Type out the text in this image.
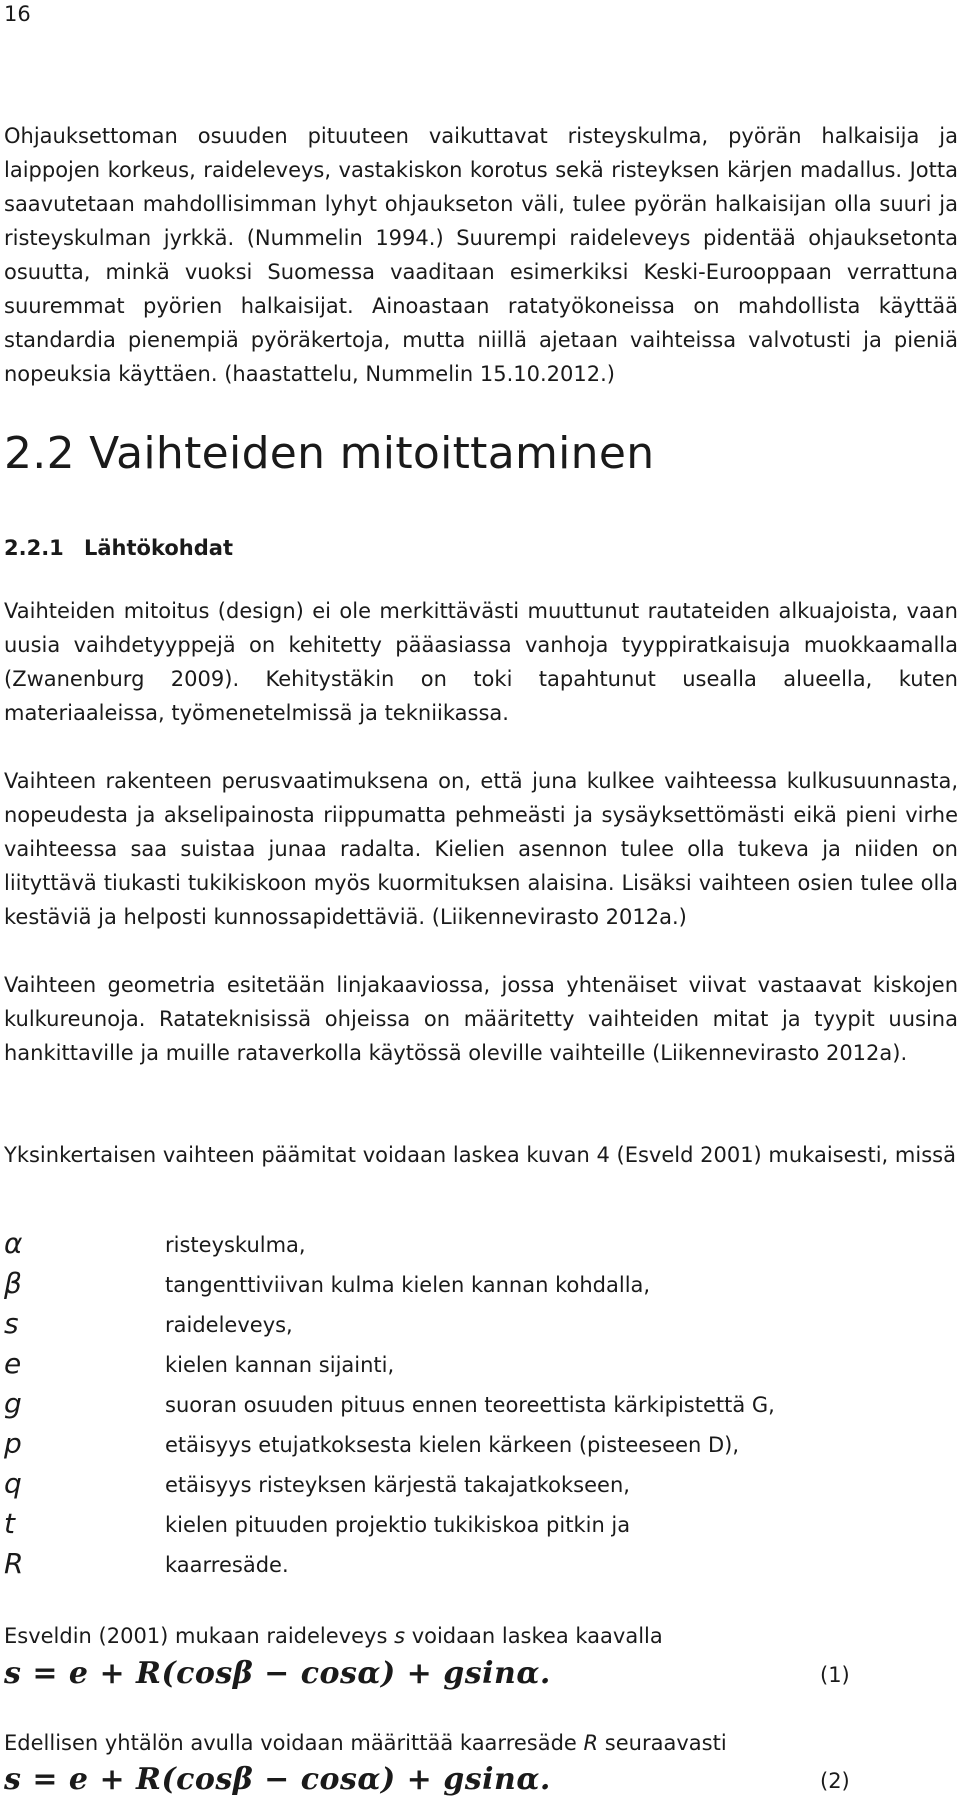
16

Ohjauksettoman osuuden pituuteen vaikuttavat risteyskulma, pyörän halkaisija ja laippojen korkeus, raideleveys, vastakiskon korotus sekä risteyksen kärjen madallus. Jotta saavutetaan mahdollisimman lyhyt ohjaukseton väli, tulee pyörän halkaisijan olla suuri ja risteyskulman jyrkkä. (Nummelin 1994.) Suurempi raideleveys pidentää ohjauksetonta osuutta, minkä vuoksi Suomessa vaaditaan esimerkiksi Keski-Eurooppaan verrattuna suuremmat pyörien halkaisijat. Ainoastaan ratatyökoneissa on mahdollista käyttää standardia pienempiä pyöräkertoja, mutta niillä ajetaan vaihteissa valvotusti ja pieniä nopeuksia käyttäen. (haastattelu, Nummelin 15.10.2012.)

2.2 Vaihteiden mitoittaminen
2.2.1 Lähtökohdat

Vaihteiden mitoitus (design) ei ole merkittävästi muuttunut rautateiden alkuajoista, vaan uusia vaihdetyyppejä on kehitetty pääasiassa vanhoja tyyppiratkaisuja muokkaamalla (Zwanenburg 2009). Kehitystäkin on toki tapahtunut usealla alueella, kuten materiaaleissa, työmenetelmissä ja tekniikassa.

Vaihteen rakenteen perusvaatimuksena on, että juna kulkee vaihteessa kulkusuunnasta, nopeudesta ja akselipainosta riippumatta pehmeästi ja sysäyksettömästi eikä pieni virhe vaihteessa saa suistaa junaa radalta. Kielien asennon tulee olla tukeva ja niiden on liityttävä tiukasti tukikiskoon myös kuormituksen alaisina. Lisäksi vaihteen osien tulee olla kestäviä ja helposti kunnossapidettäviä. (Liikennevirasto 2012a.)

Vaihteen geometria esitetään linjakaaviossa, jossa yhtenäiset viivat vastaavat kiskojen kulkureunoja. Ratateknisissä ohjeissa on määritetty vaihteiden mitat ja tyypit uusina hankittaville ja muille rataverkolla käytössä oleville vaihteille (Liikennevirasto 2012a).

Yksinkertaisen vaihteen päämitat voidaan laskea kuvan 4 (Esveld 2001) mukaisesti, missä

α	risteyskulma,
β	tangenttiviivan kulma kielen kannan kohdalla,
s	raideleveys,
e	kielen kannan sijainti,
g	suoran osuuden pituus ennen teoreettista kärkipistettä G,
p	etäisyys etujatkoksesta kielen kärkeen (pisteeseen D),
q	etäisyys risteyksen kärjestä takajatkokseen,
t	kielen pituuden projektio tukikiskoa pitkin ja
R	kaarresäde.
Esveldin (2001) mukaan raideleveys s voidaan laskea kaavalla
s = e + R(cosβ − cosα) + gsinα.	(1)
Edellisen yhtälön avulla voidaan määrittää kaarresäde R seuraavasti
s = e + R(cosβ − cosα) + gsinα.	(2)
